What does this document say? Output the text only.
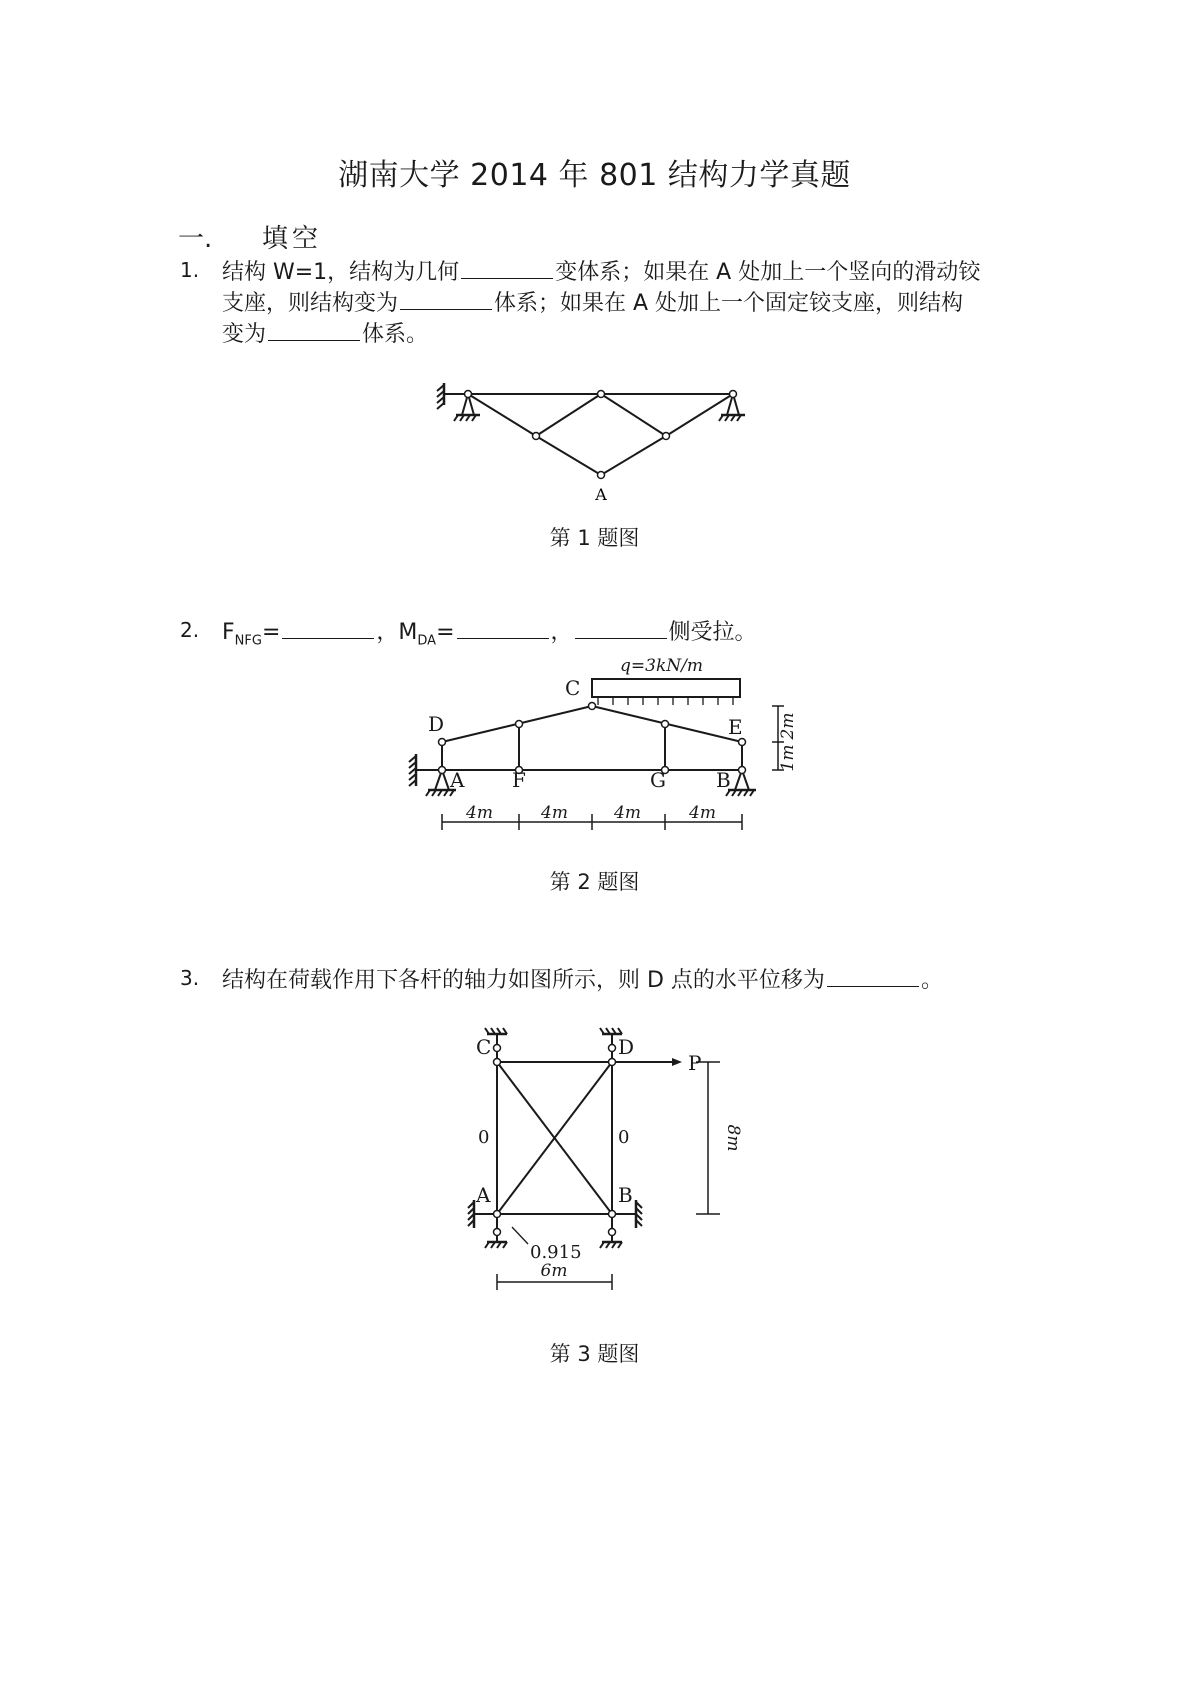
湖南大学 2014 年 801 结构力学真题
一. 填空
1. 结构 W=1，结构为几何	变体系；如果在 A 处加上一个竖向的滑动铰
支座，则结构变为	体系；如果在 A 处加上一个固定铰支座，则结构
变为	体系。
A
第 1 题图
2. $F_{NFG}=$	，$M_{DA}=$	，	侧受拉。
q=3kN/m
C
D	E
A F	G	B
4m	4m	4m	4m
2m
1m
第 2 题图
3. 结构在荷载作用下各杆的轴力如图所示，则 D 点的水平位移为	。
C	D
A	B
P
0	0
0.915
6m
8m
第 3 题图
